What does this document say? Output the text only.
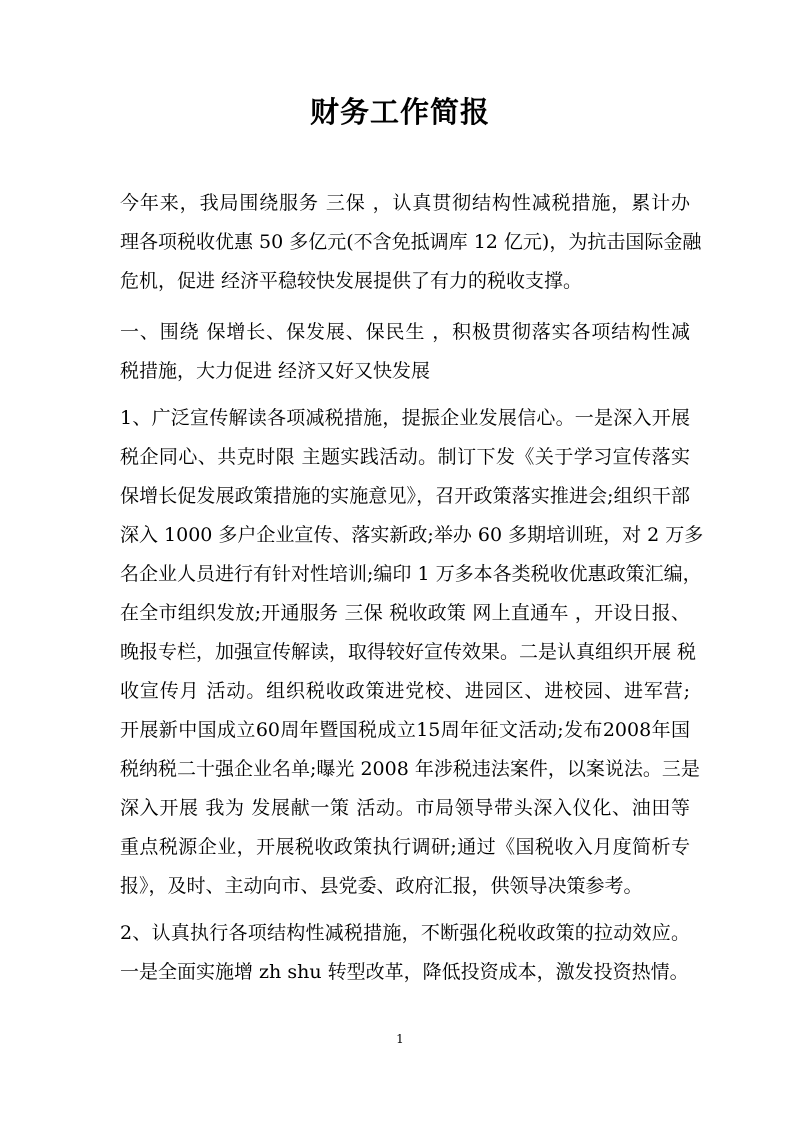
财务工作简报
今年来，我局围绕服务 三保 ，认真贯彻结构性减税措施，累计办
理各项税收优惠 50 多亿元(不含免抵调库 12 亿元)，为抗击国际金融
危机，促进 经济平稳较快发展提供了有力的税收支撑。
一、围绕 保增长、保发展、保民生 ，积极贯彻落实各项结构性减
税措施，大力促进 经济又好又快发展
1、广泛宣传解读各项减税措施，提振企业发展信心。一是深入开展
税企同心、共克时限 主题实践活动。制订下发《关于学习宣传落实
保增长促发展政策措施的实施意见》，召开政策落实推进会;组织干部
深入 1000 多户企业宣传、落实新政;举办 60 多期培训班，对 2 万多
名企业人员进行有针对性培训;编印 1 万多本各类税收优惠政策汇编，
在全市组织发放;开通服务 三保 税收政策 网上直通车 ，开设日报、
晚报专栏，加强宣传解读，取得较好宣传效果。二是认真组织开展 税
收宣传月 活动。组织税收政策进党校、进园区、进校园、进军营;
开展新中国成立60周年暨国税成立15周年征文活动;发布2008年国
税纳税二十强企业名单;曝光 2008 年涉税违法案件，以案说法。三是
深入开展 我为 发展献一策 活动。市局领导带头深入仪化、油田等
重点税源企业，开展税收政策执行调研;通过《国税收入月度简析专
报》，及时、主动向市、县党委、政府汇报，供领导决策参考。
2、认真执行各项结构性减税措施，不断强化税收政策的拉动效应。
一是全面实施增 zh shu 转型改革，降低投资成本，激发投资热情。
1
